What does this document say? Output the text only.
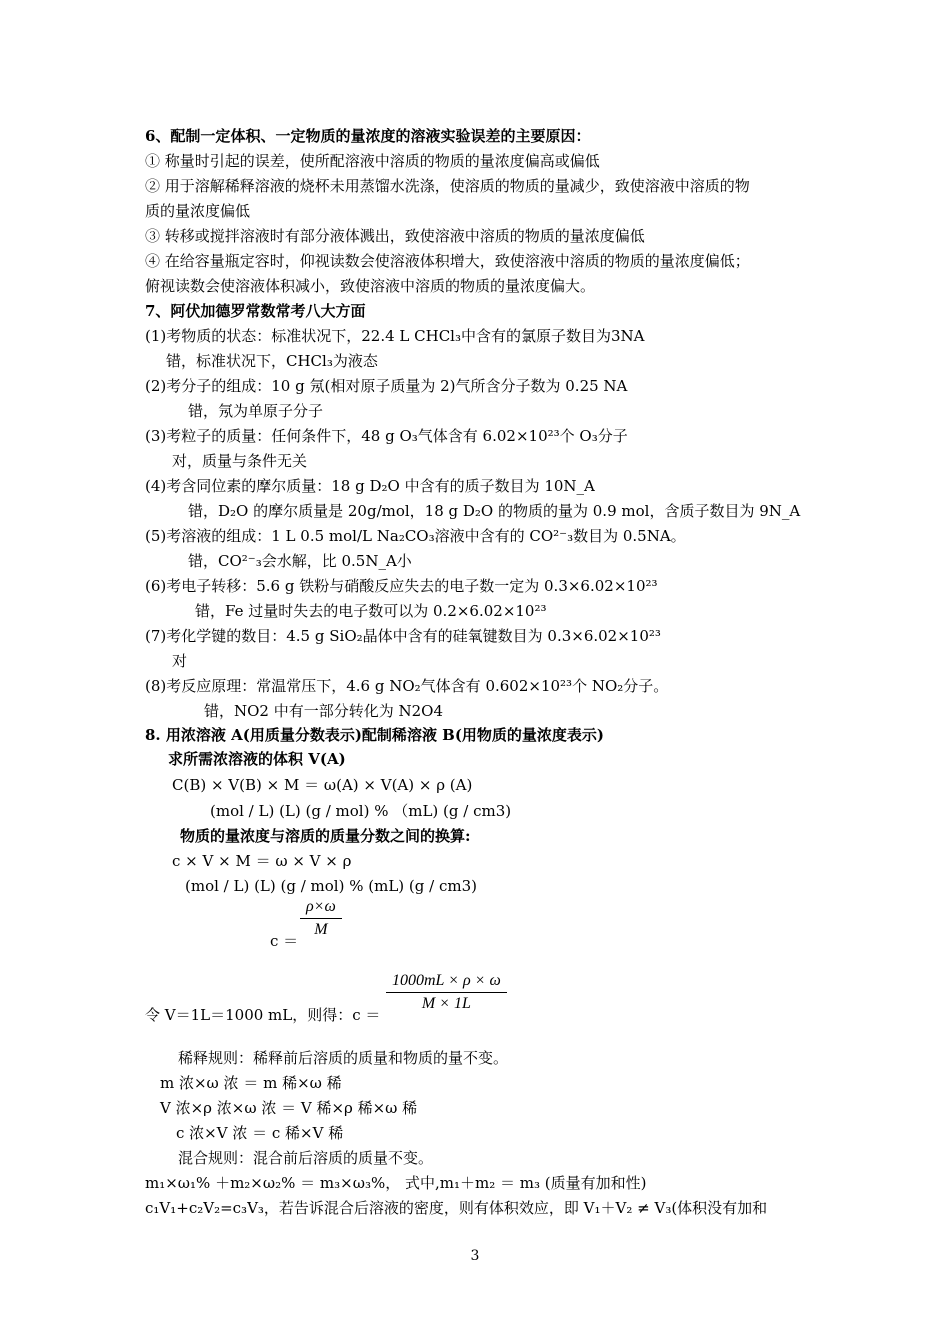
6、配制一定体积、一定物质的量浓度的溶液实验误差的主要原因：
① 称量时引起的误差，使所配溶液中溶质的物质的量浓度偏高或偏低
② 用于溶解稀释溶液的烧杯未用蒸馏水洗涤，使溶质的物质的量减少，致使溶液中溶质的物
质的量浓度偏低
③ 转移或搅拌溶液时有部分液体溅出，致使溶液中溶质的物质的量浓度偏低
④ 在给容量瓶定容时，仰视读数会使溶液体积增大，致使溶液中溶质的物质的量浓度偏低；
俯视读数会使溶液体积减小，致使溶液中溶质的物质的量浓度偏大。
7、阿伏加德罗常数常考八大方面
(1)考物质的状态：标准状况下，22.4 L CHCl₃中含有的氯原子数目为3NA
错，标准状况下，CHCl₃为液态
(2)考分子的组成：10 g 氖(相对原子质量为 2)气所含分子数为 0.25 NA
错，氖为单原子分子
(3)考粒子的质量：任何条件下，48 g O₃气体含有 6.02×10²³个 O₃分子
对，质量与条件无关
(4)考含同位素的摩尔质量：18 g D₂O 中含有的质子数目为 10N_A
错，D₂O 的摩尔质量是 20g/mol，18 g D₂O 的物质的量为 0.9 mol，含质子数目为 9N_A
(5)考溶液的组成：1 L 0.5 mol/L Na₂CO₃溶液中含有的 CO²⁻₃数目为 0.5NA。
错，CO²⁻₃会水解，比 0.5N_A小
(6)考电子转移：5.6 g 铁粉与硝酸反应失去的电子数一定为 0.3×6.02×10²³
错，Fe 过量时失去的电子数可以为 0.2×6.02×10²³
(7)考化学键的数目：4.5 g SiO₂晶体中含有的硅氧键数目为 0.3×6.02×10²³
对
(8)考反应原理：常温常压下，4.6 g NO₂气体含有 0.602×10²³个 NO₂分子。
错，NO2 中有一部分转化为 N2O4
8. 用浓溶液 A(用质量分数表示)配制稀溶液 B(用物质的量浓度表示)
求所需浓溶液的体积 V(A)
C(B) × V(B) × M ＝ ω(A) × V(A) × ρ (A)
(mol / L) (L) (g / mol) % （mL) (g / cm3)
物质的量浓度与溶质的质量分数之间的换算:
c × V × M ＝ ω × V × ρ
(mol / L) (L) (g / mol) % (mL) (g / cm3)
c ＝
$\frac{\rho\times\omega}{M}$
令 V＝1L＝1000 mL，则得：c ＝
$\frac{1000mL \times \rho \times \omega}{M \times 1L}$
稀释规则：稀释前后溶质的质量和物质的量不变。
m 浓×ω 浓 ＝ m 稀×ω 稀
V 浓×ρ 浓×ω 浓 ＝ V 稀×ρ 稀×ω 稀
c 浓×V 浓 ＝ c 稀×V 稀
混合规则：混合前后溶质的质量不变。
m₁×ω₁% ＋m₂×ω₂% ＝ m₃×ω₃%， 式中,m₁＋m₂ ＝ m₃ (质量有加和性)
c₁V₁+c₂V₂=c₃V₃，若告诉混合后溶液的密度，则有体积效应，即 V₁＋V₂ ≠ V₃(体积没有加和
3
